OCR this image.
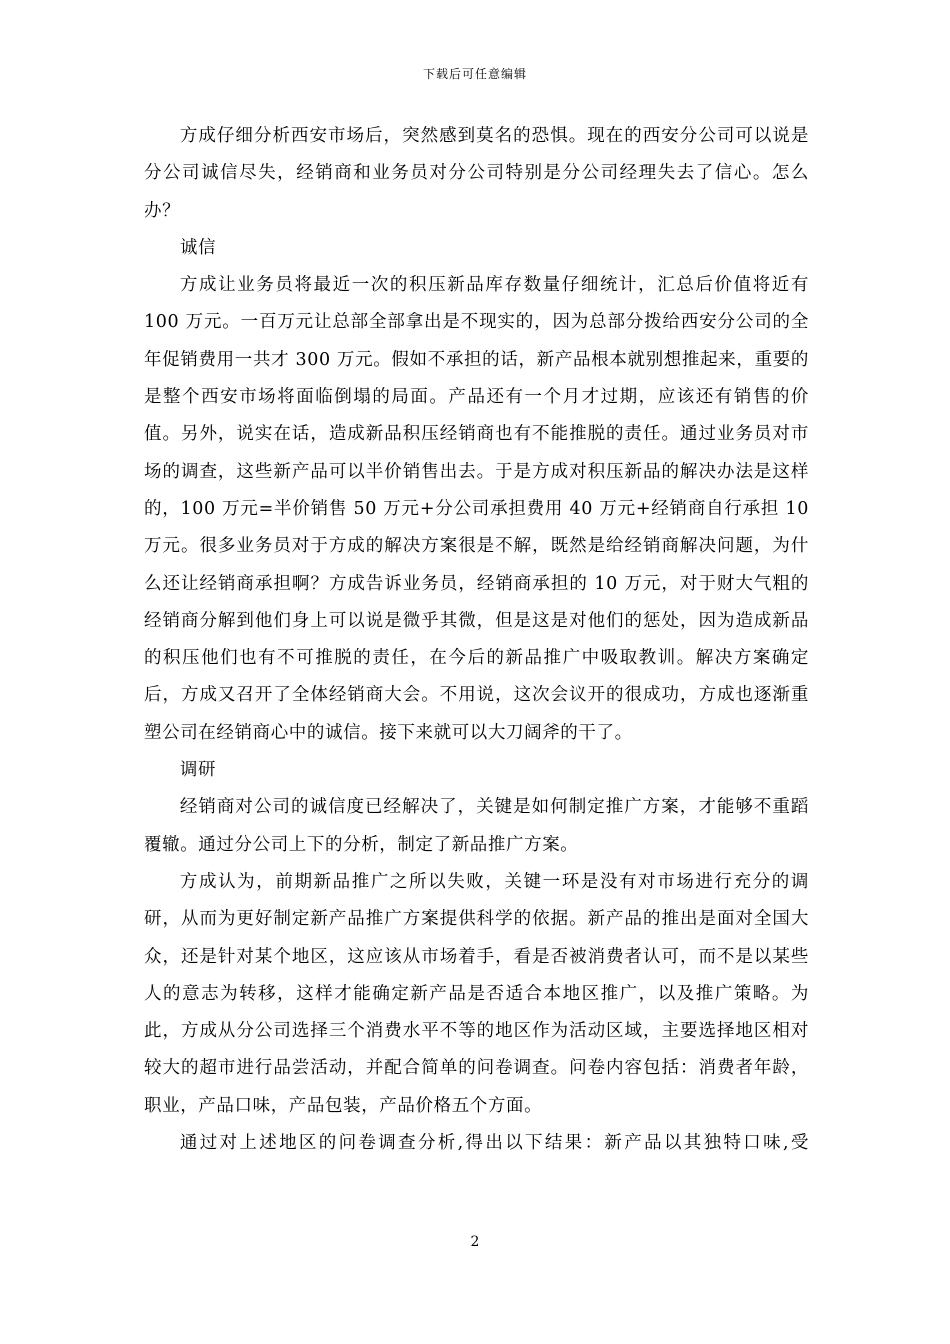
下载后可任意编辑

方成仔细分析西安市场后，突然感到莫名的恐惧。现在的西安分公司可以说是分公司诚信尽失，经销商和业务员对分公司特别是分公司经理失去了信心。怎么办？

诚信

方成让业务员将最近一次的积压新品库存数量仔细统计，汇总后价值将近有 100 万元。一百万元让总部全部拿出是不现实的，因为总部分拨给西安分公司的全年促销费用一共才 300 万元。假如不承担的话，新产品根本就别想推起来，重要的是整个西安市场将面临倒塌的局面。产品还有一个月才过期，应该还有销售的价值。另外，说实在话，造成新品积压经销商也有不能推脱的责任。通过业务员对市场的调查，这些新产品可以半价销售出去。于是方成对积压新品的解决办法是这样的，100 万元=半价销售 50 万元+分公司承担费用 40 万元+经销商自行承担 10 万元。很多业务员对于方成的解决方案很是不解，既然是给经销商解决问题，为什么还让经销商承担啊？方成告诉业务员，经销商承担的 10 万元，对于财大气粗的经销商分解到他们身上可以说是微乎其微，但是这是对他们的惩处，因为造成新品的积压他们也有不可推脱的责任，在今后的新品推广中吸取教训。解决方案确定后，方成又召开了全体经销商大会。不用说，这次会议开的很成功，方成也逐渐重塑公司在经销商心中的诚信。接下来就可以大刀阔斧的干了。

调研

经销商对公司的诚信度已经解决了，关键是如何制定推广方案，才能够不重蹈覆辙。通过分公司上下的分析，制定了新品推广方案。

方成认为，前期新品推广之所以失败，关键一环是没有对市场进行充分的调研，从而为更好制定新产品推广方案提供科学的依据。新产品的推出是面对全国大众，还是针对某个地区，这应该从市场着手，看是否被消费者认可，而不是以某些人的意志为转移，这样才能确定新产品是否适合本地区推广，以及推广策略。为此，方成从分公司选择三个消费水平不等的地区作为活动区域，主要选择地区相对较大的超市进行品尝活动，并配合简单的问卷调查。问卷内容包括：消费者年龄，职业，产品口味，产品包装，产品价格五个方面。

通过对上述地区的问卷调查分析,得出以下结果：新产品以其独特口味,受

2
